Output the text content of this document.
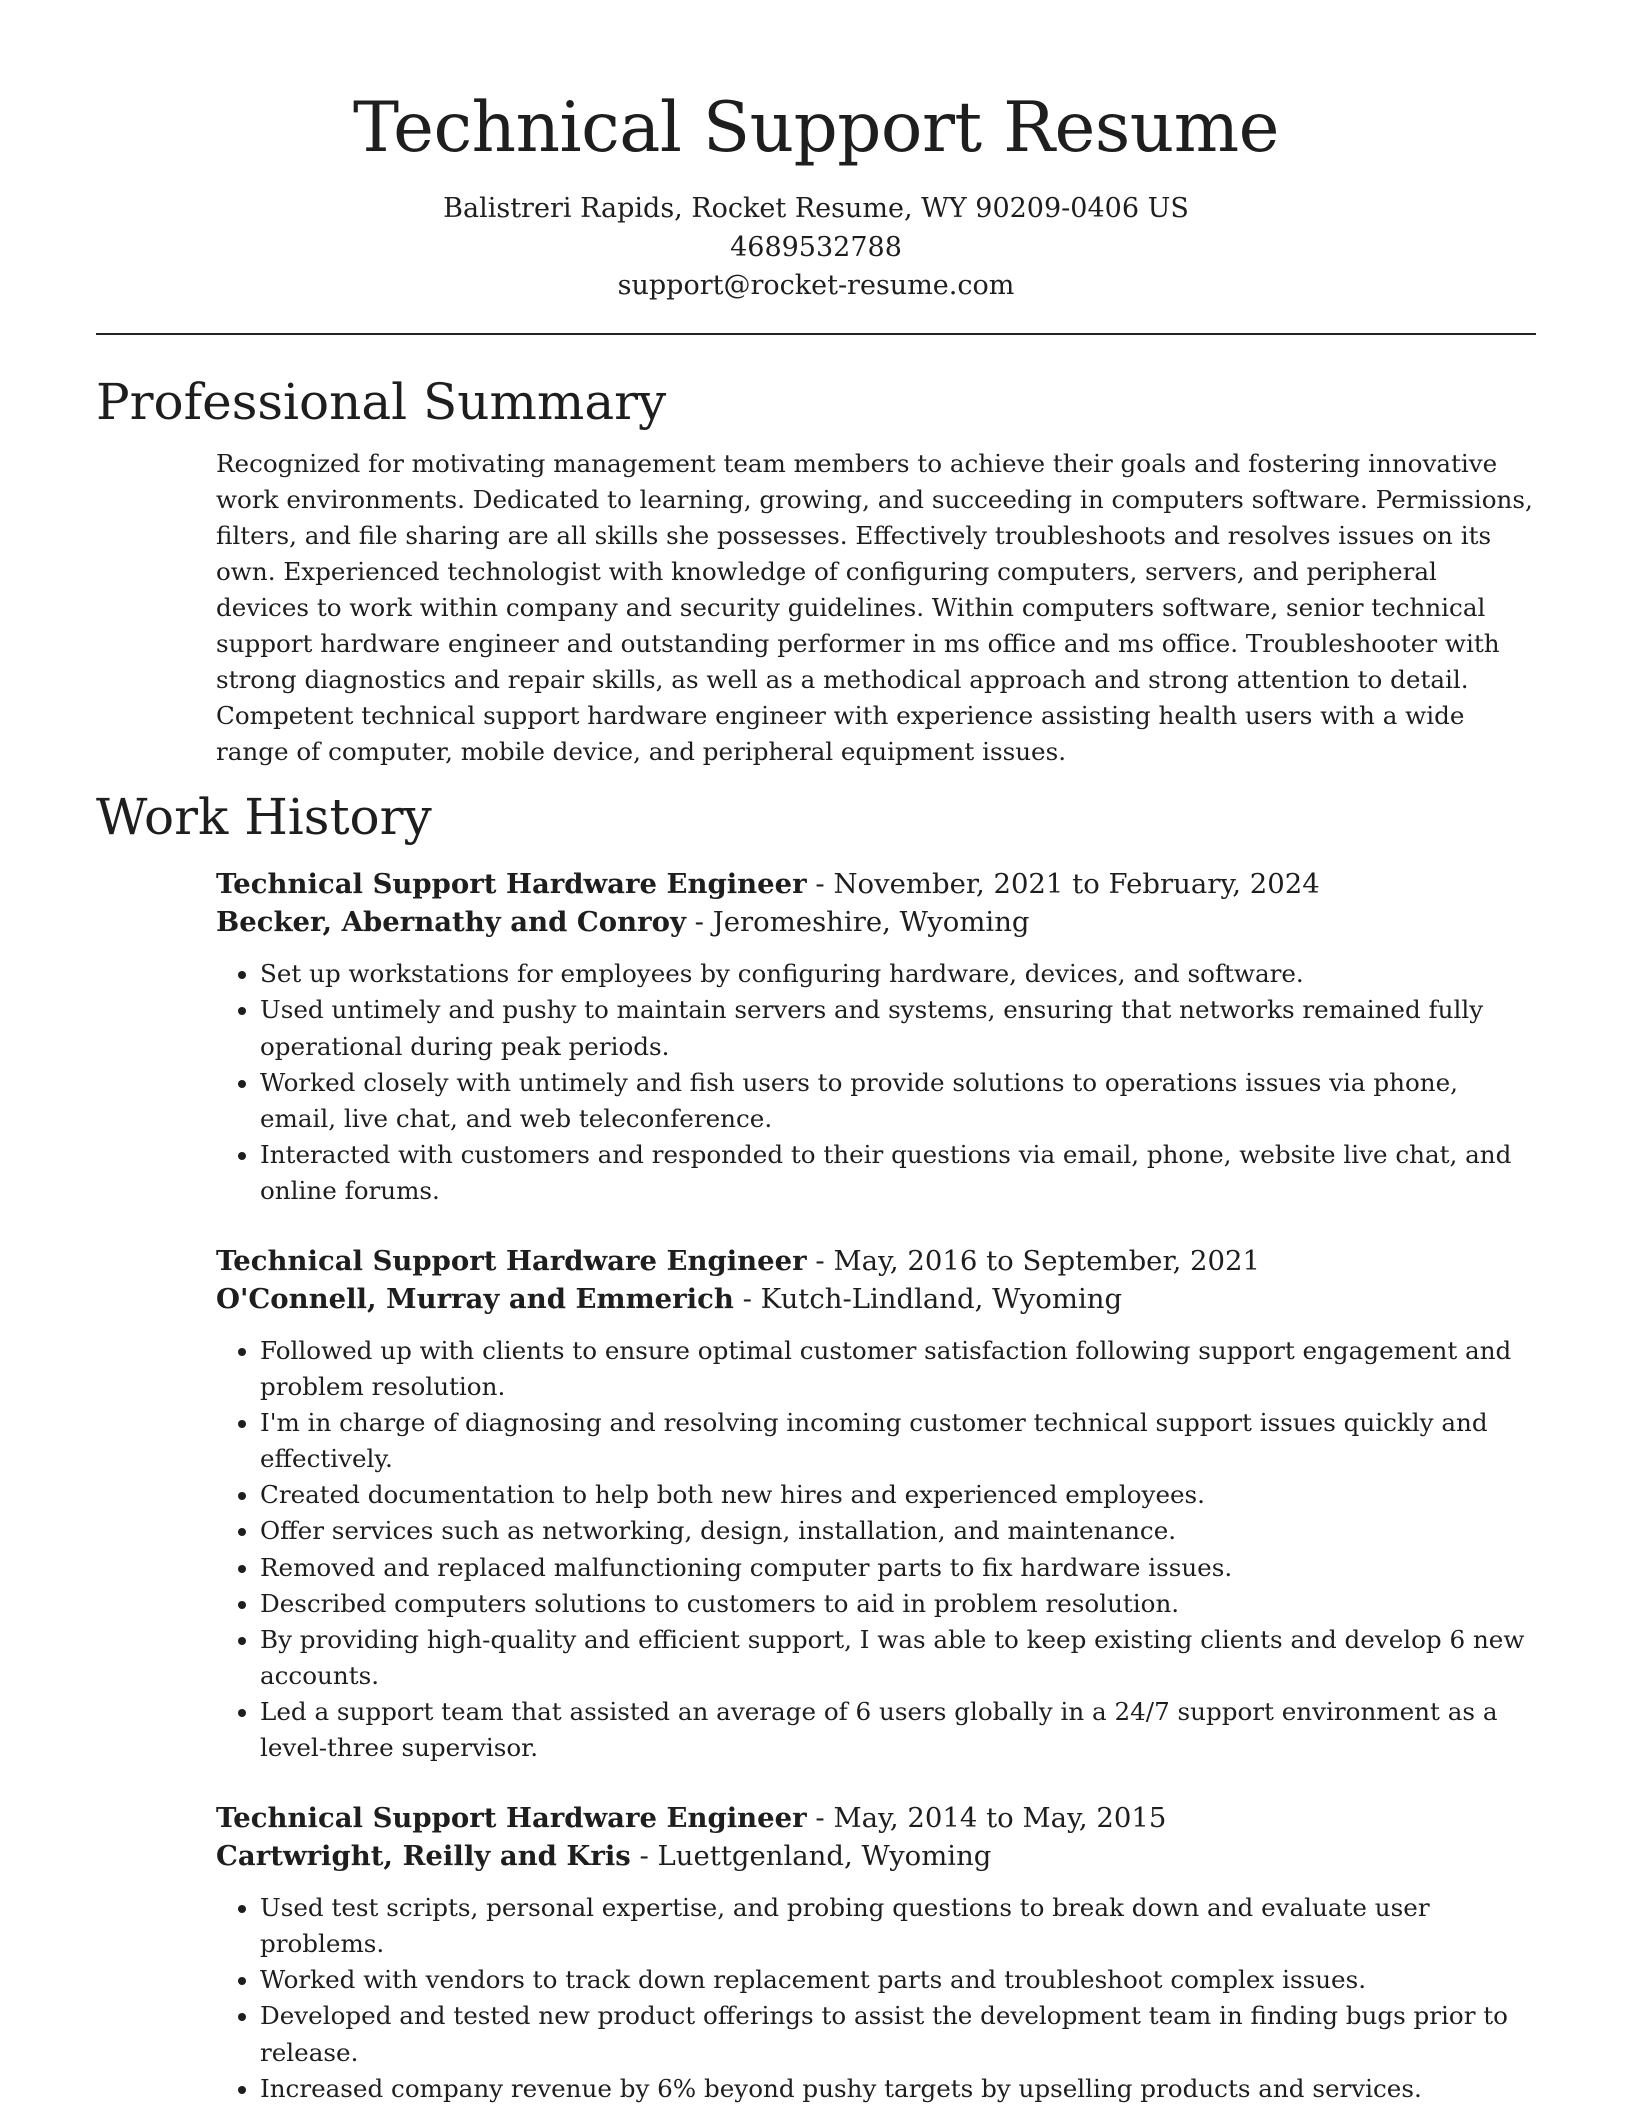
Technical Support Resume
Balistreri Rapids, Rocket Resume, WY 90209-0406 US
4689532788
support@rocket-resume.com
Professional Summary
Recognized for motivating management team members to achieve their goals and fostering innovative work environments. Dedicated to learning, growing, and succeeding in computers software. Permissions, filters, and file sharing are all skills she possesses. Effectively troubleshoots and resolves issues on its own. Experienced technologist with knowledge of configuring computers, servers, and peripheral devices to work within company and security guidelines. Within computers software, senior technical support hardware engineer and outstanding performer in ms office and ms office. Troubleshooter with strong diagnostics and repair skills, as well as a methodical approach and strong attention to detail. Competent technical support hardware engineer with experience assisting health users with a wide range of computer, mobile device, and peripheral equipment issues.
Work History
Technical Support Hardware Engineer - November, 2021 to February, 2024
Becker, Abernathy and Conroy - Jeromeshire, Wyoming
• Set up workstations for employees by configuring hardware, devices, and software.
• Used untimely and pushy to maintain servers and systems, ensuring that networks remained fully operational during peak periods.
• Worked closely with untimely and fish users to provide solutions to operations issues via phone, email, live chat, and web teleconference.
• Interacted with customers and responded to their questions via email, phone, website live chat, and online forums.
Technical Support Hardware Engineer - May, 2016 to September, 2021
O'Connell, Murray and Emmerich - Kutch-Lindland, Wyoming
• Followed up with clients to ensure optimal customer satisfaction following support engagement and problem resolution.
• I'm in charge of diagnosing and resolving incoming customer technical support issues quickly and effectively.
• Created documentation to help both new hires and experienced employees.
• Offer services such as networking, design, installation, and maintenance.
• Removed and replaced malfunctioning computer parts to fix hardware issues.
• Described computers solutions to customers to aid in problem resolution.
• By providing high-quality and efficient support, I was able to keep existing clients and develop 6 new accounts.
• Led a support team that assisted an average of 6 users globally in a 24/7 support environment as a level-three supervisor.
Technical Support Hardware Engineer - May, 2014 to May, 2015
Cartwright, Reilly and Kris - Luettgenland, Wyoming
• Used test scripts, personal expertise, and probing questions to break down and evaluate user problems.
• Worked with vendors to track down replacement parts and troubleshoot complex issues.
• Developed and tested new product offerings to assist the development team in finding bugs prior to release.
• Increased company revenue by 6% beyond pushy targets by upselling products and services.
